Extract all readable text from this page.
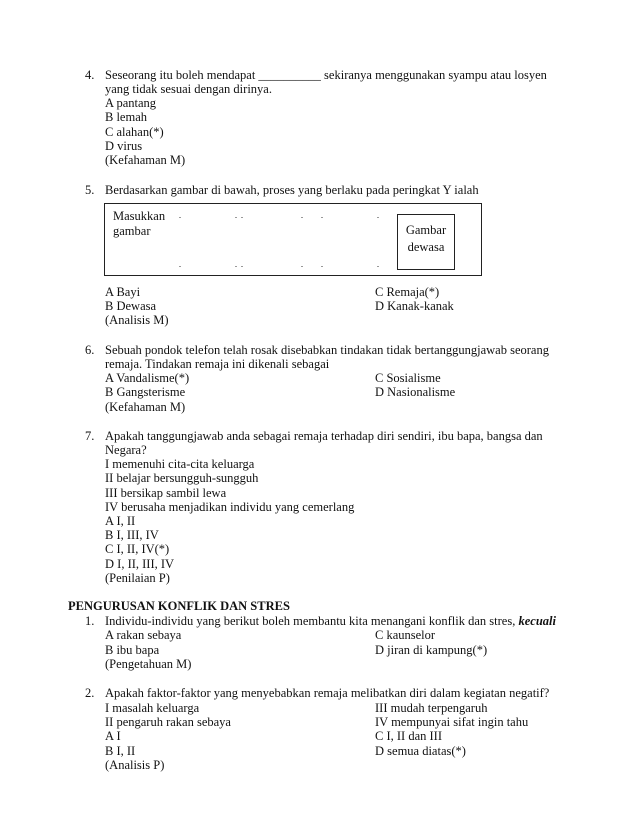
4. Seseorang itu boleh mendapat __________ sekiranya menggunakan syampu atau losyen
yang tidak sesuai dengan dirinya.
A pantang
B lemah
C alahan(*)
D virus
(Kefahaman M)
5. Berdasarkan gambar di bawah, proses yang berlaku pada peringkat Y ialah
Masukkan gambar	Gambar dewasa
A Bayi	C Remaja(*)
B Dewasa	D Kanak-kanak
(Analisis M)
6. Sebuah pondok telefon telah rosak disebabkan tindakan tidak bertanggungjawab seorang
remaja. Tindakan remaja ini dikenali sebagai
A Vandalisme(*)	C Sosialisme
B Gangsterisme	D Nasionalisme
(Kefahaman M)
7. Apakah tanggungjawab anda sebagai remaja terhadap diri sendiri, ibu bapa, bangsa dan
Negara?
I memenuhi cita-cita keluarga
II belajar bersungguh-sungguh
III bersikap sambil lewa
IV berusaha menjadikan individu yang cemerlang
A I, II
B I, III, IV
C I, II, IV(*)
D I, II, III, IV
(Penilaian P)
PENGURUSAN KONFLIK DAN STRES
1. Individu-individu yang berikut boleh membantu kita menangani konflik dan stres, kecuali
A rakan sebaya	C kaunselor
B ibu bapa	D jiran di kampung(*)
(Pengetahuan M)
2. Apakah faktor-faktor yang menyebabkan remaja melibatkan diri dalam kegiatan negatif?
I masalah keluarga	III mudah terpengaruh
II pengaruh rakan sebaya	IV mempunyai sifat ingin tahu
A I	C I, II dan III
B I, II	D semua diatas(*)
(Analisis P)
